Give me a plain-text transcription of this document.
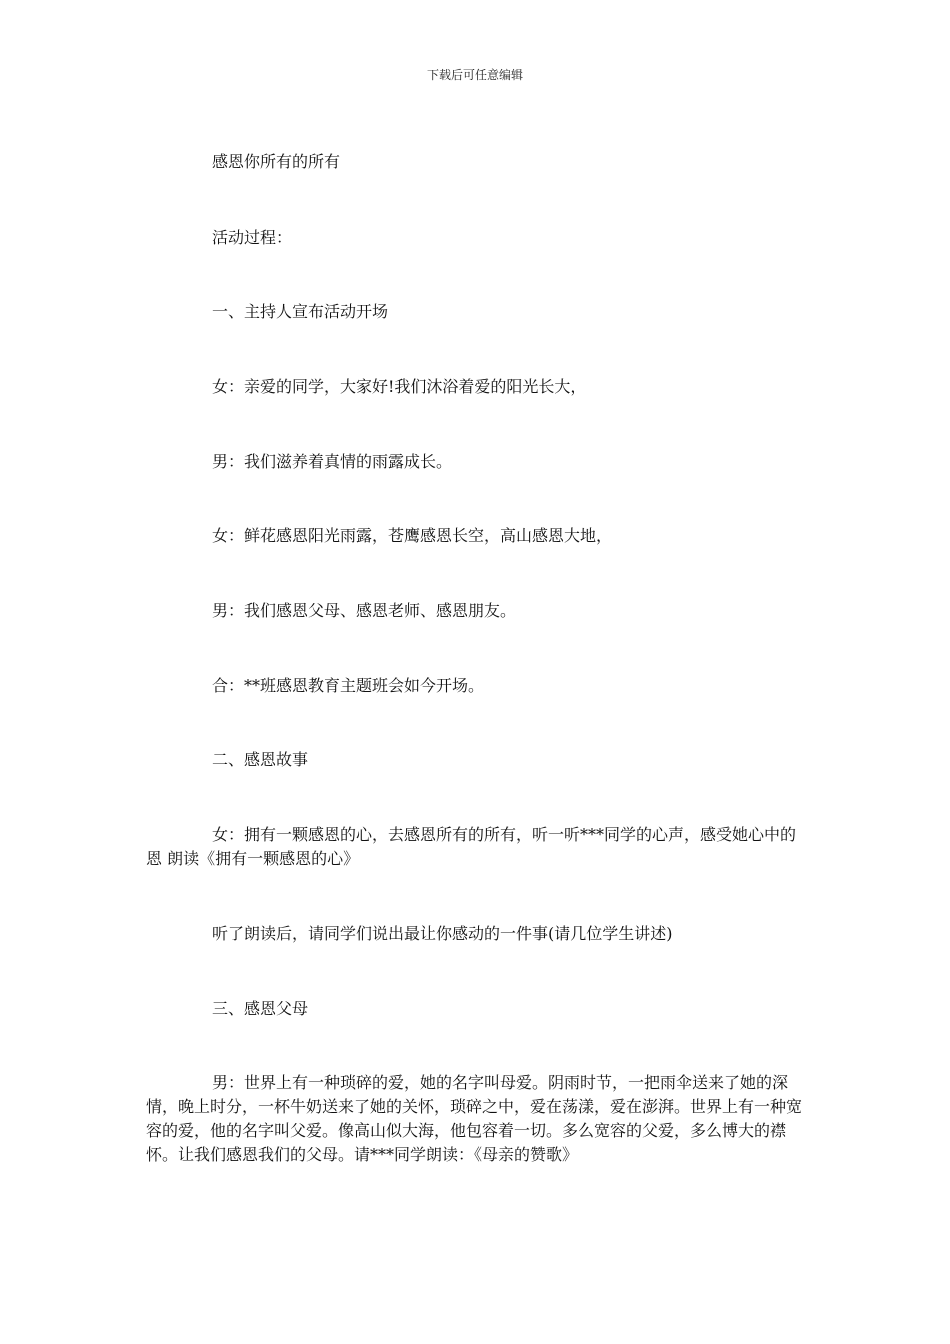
下载后可任意编辑

感恩你所有的所有

活动过程：

一、主持人宣布活动开场

女：亲爱的同学，大家好!我们沐浴着爱的阳光长大，

男：我们滋养着真情的雨露成长。

女：鲜花感恩阳光雨露，苍鹰感恩长空，高山感恩大地，

男：我们感恩父母、感恩老师、感恩朋友。

合：**班感恩教育主题班会如今开场。

二、感恩故事

女：拥有一颗感恩的心，去感恩所有的所有，听一听***同学的心声，感受她心中的恩 朗读《拥有一颗感恩的心》

听了朗读后，请同学们说出最让你感动的一件事(请几位学生讲述)

三、感恩父母

男：世界上有一种琐碎的爱，她的名字叫母爱。阴雨时节，一把雨伞送来了她的深情，晚上时分，一杯牛奶送来了她的关怀，琐碎之中，爱在荡漾，爱在澎湃。世界上有一种宽容的爱，他的名字叫父爱。像高山似大海，他包容着一切。多么宽容的父爱，多么博大的襟怀。让我们感恩我们的父母。请***同学朗读：《母亲的赞歌》
